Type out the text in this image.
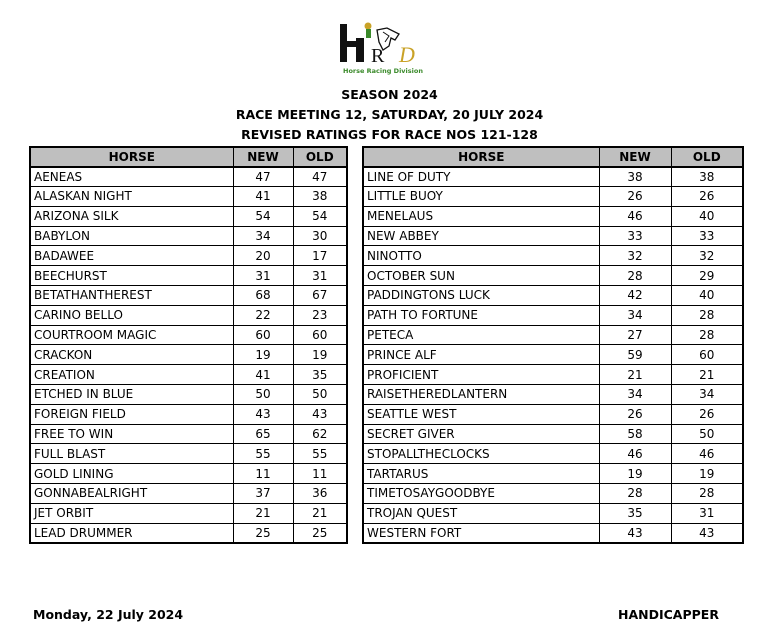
R D
Horse Racing Division
SEASON 2024
RACE MEETING 12, SATURDAY, 20 JULY 2024
REVISED RATINGS FOR RACE NOS 121-128
HORSE	NEW	OLD
AENEAS	47	47
ALASKAN NIGHT	41	38
ARIZONA SILK	54	54
BABYLON	34	30
BADAWEE	20	17
BEECHURST	31	31
BETATHANTHEREST	68	67
CARINO BELLO	22	23
COURTROOM MAGIC	60	60
CRACKON	19	19
CREATION	41	35
ETCHED IN BLUE	50	50
FOREIGN FIELD	43	43
FREE TO WIN	65	62
FULL BLAST	55	55
GOLD LINING	11	11
GONNABEALRIGHT	37	36
JET ORBIT	21	21
LEAD DRUMMER	25	25
HORSE	NEW	OLD
LINE OF DUTY	38	38
LITTLE BUOY	26	26
MENELAUS	46	40
NEW ABBEY	33	33
NINOTTO	32	32
OCTOBER SUN	28	29
PADDINGTONS LUCK	42	40
PATH TO FORTUNE	34	28
PETECA	27	28
PRINCE ALF	59	60
PROFICIENT	21	21
RAISETHEREDLANTERN	34	34
SEATTLE WEST	26	26
SECRET GIVER	58	50
STOPALLTHECLOCKS	46	46
TARTARUS	19	19
TIMETOSAYGOODBYE	28	28
TROJAN QUEST	35	31
WESTERN FORT	43	43
Monday, 22 July 2024	HANDICAPPER
